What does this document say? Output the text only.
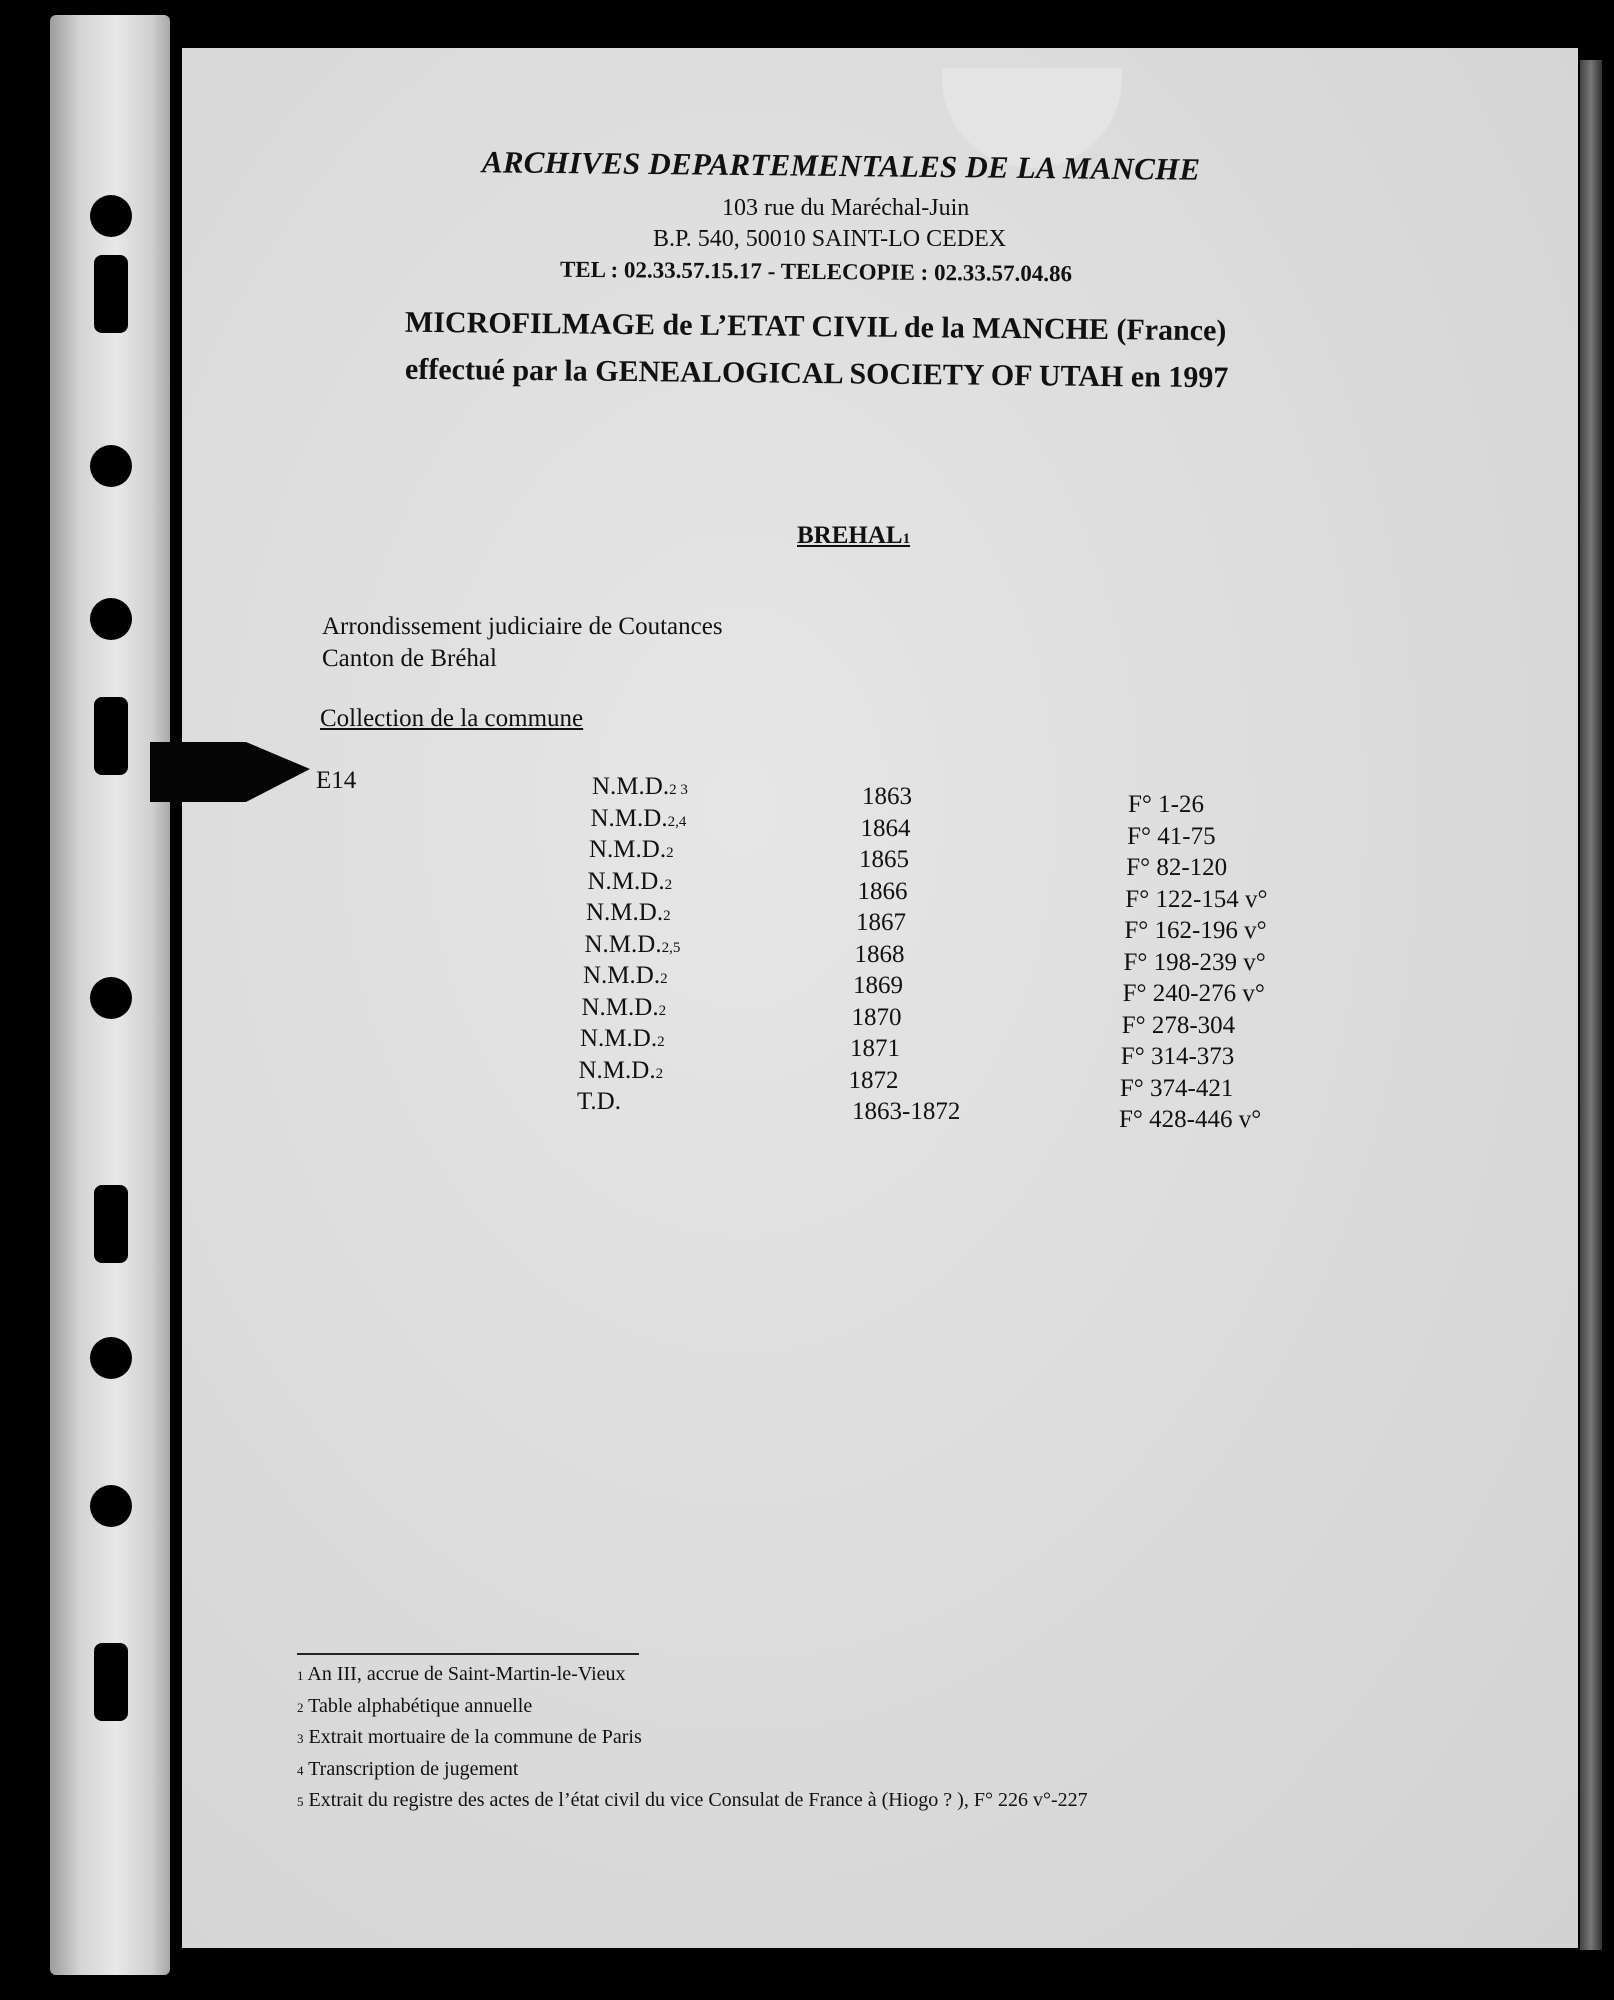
ARCHIVES DEPARTEMENTALES DE LA MANCHE
103 rue du Maréchal-Juin
B.P. 540, 50010 SAINT-LO CEDEX
TEL : 02.33.57.15.17 - TELECOPIE : 02.33.57.04.86
MICROFILMAGE de L’ETAT CIVIL de la MANCHE (France)
effectué par la GENEALOGICAL SOCIETY OF UTAH en 1997
BREHAL$^1$
Arrondissement judiciaire de Coutances
Canton de Bréhal
Collection de la commune
E14	N.M.D.$^{2 3}$	1863	F° 1-26
N.M.D.$^{2,4}$	1864	F° 41-75
N.M.D.$^2$	1865	F° 82-120
N.M.D.$^2$	1866	F° 122-154 v°
N.M.D.$^2$	1867	F° 162-196 v°
N.M.D.$^{2,5}$	1868	F° 198-239 v°
N.M.D.$^2$	1869	F° 240-276 v°
N.M.D.$^2$	1870	F° 278-304
N.M.D.$^2$	1871	F° 314-373
N.M.D.$^2$	1872	F° 374-421
T.D.	1863-1872	F° 428-446 v°
$^1$ An III, accrue de Saint-Martin-le-Vieux
$^2$ Table alphabétique annuelle
$^3$ Extrait mortuaire de la commune de Paris
$^4$ Transcription de jugement
$^5$ Extrait du registre des actes de l’état civil du vice Consulat de France à (Hiogo ? ), F° 226 v°-227
